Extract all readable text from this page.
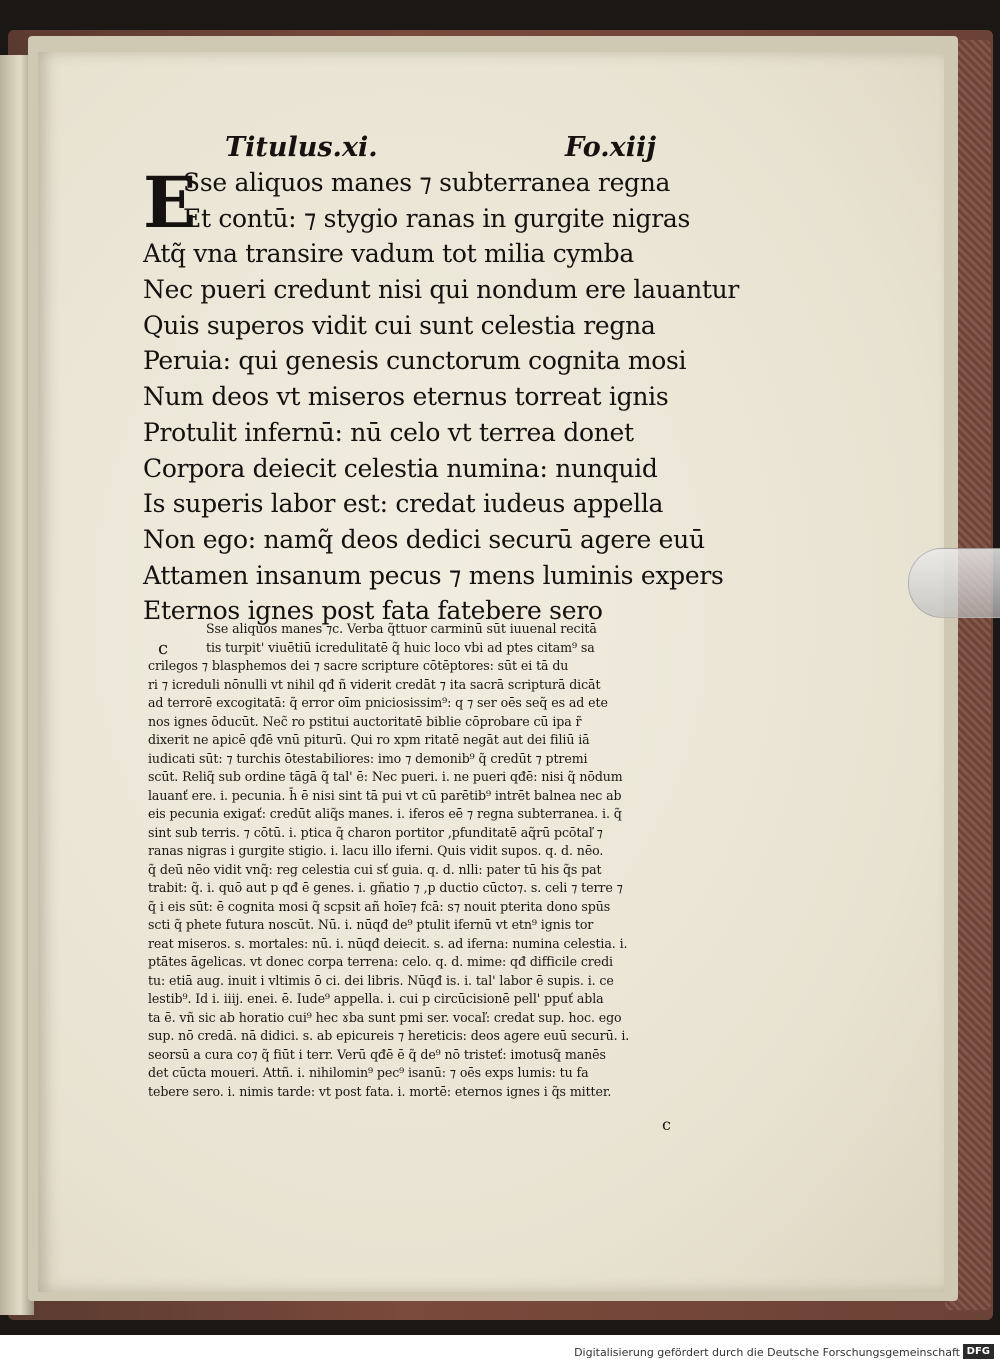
Titulus.xi.	Fo.xiij
E
Sse aliquos manes ⁊ subterranea regna
Et contū: ⁊ stygio ranas in gurgite nigras
Atq̃ vna transire vadum tot milia cymba
Nec pueri credunt nisi qui nondum ere lauantur
Quis superos vidit cui sunt celestia regna
Peruia: qui genesis cunctorum cognita mosi
Num deos vt miseros eternus torreat ignis
Protulit infernū: nū celo vt terrea donet
Corpora deiecit celestia numina: nunquid
Is superis labor est: credat iudeus appella
Non ego: namq̃ deos dedici securū agere euū
Attamen insanum pecus ⁊ mens luminis expers
Eternos ignes post fata fatebere sero
c
Sse aliquos manes ⁊c. Verba q̃ttuor carminū sūt iuuenal recitā
tis turpit' viuētiū icredulitatē q̃ huic loco vbi ad ptes citam⁹ sa
crilegos ⁊ blasphemos dei ⁊ sacre scripture cōtēptores: sūt ei tā du
ri ⁊ icreduli nōnulli vt nihil qđ ñ viderit credāt ⁊ ita sacrā scripturā dicāt
ad terrorē excogitatā: q̃ error oīm pniciosissim⁹: q ⁊ ser oēs seq̃ es ad ete
nos ignes ōducūt. Nec̃ ro pstitui auctoritatē biblie cōprobare cū ipa r̃
dixerit ne apicē qđē vnū piturū. Qui ro xpm ritatē negāt aut dei filiū iā
iudicati sūt: ⁊ turchis ōtestabiliores: imo ⁊ demonib⁹ q̃ credūt ⁊ ptremi
scūt. Reliq̃ sub ordine tāgā q̃ tal' ē: Nec pueri. i. ne pueri qđē: nisi q̃ nōdum
lauanť ere. i. pecunia. h̄ ē nisi sint tā pui vt cū parētib⁹ intrēt balnea nec ab
eis pecunia exigať: credūt aliq̃s manes. i. iferos eē ⁊ regna subterranea. i. q̃
sint sub terris. ⁊ cōtū. i. ptica q̃ charon portitor ,pfunditatē aq̃rū pcōtaľ ⁊
ranas nigras i gurgite stigio. i. lacu illo iferni. Quis vidit supos. q. d. nēo.
q̃ deū nēo vidit vnq̃: reg celestia cui sť guia. q. d. nlli: pater tū his q̃s pat
trabit: q̃. i. quō aut p qđ ē genes. i. gñatio ⁊ ,p ductio cūcto⁊. s. celi ⁊ terre ⁊
q̃ i eis sūt: ē cognita mosi q̃ scpsit añ hoīe⁊ fcā: s⁊ nouit pterita dono spūs
scti q̃ phete futura noscūt. Nū. i. nūqđ de⁹ ptulit ifernū vt etn⁹ ignis tor
reat miseros. s. mortales: nū. i. nūqđ deiecit. s. ad iferna: numina celestia. i.
ptātes āgelicas. vt donec corpa terrena: celo. q. d. mime: qđ difficile credi
tu: etiā aug. inuit i vltimis ō ci. dei libris. Nūqđ is. i. tal' labor ē supis. i. ce
lestib⁹. Id i. iiij. enei. ē. Iude⁹ appella. i. cui p circūcisionē pell' ppuť abla
ta ē. vñ sic ab horatio cui⁹ hec ɤba sunt pmi ser. vocaľ: credat sup. hoc. ego
sup. nō credā. nā didici. s. ab epicureis ⁊ hereticis: deos agere euū securū. i.
seorsū a cura co⁊ q̃ fiūt i terr. Verū qđē ē q̃ de⁹ nō tristeť: imotusq̃ manēs
det cūcta moueri. Attñ. i. nihilomin⁹ pec⁹ isanū: ⁊ oēs exps lumis: tu fa
tebere sero. i. nimis tarde: vt post fata. i. mortē: eternos ignes i q̃s mitter.
c
Digitalisierung gefördert durch die Deutsche Forschungsgemeinschaft DFG
